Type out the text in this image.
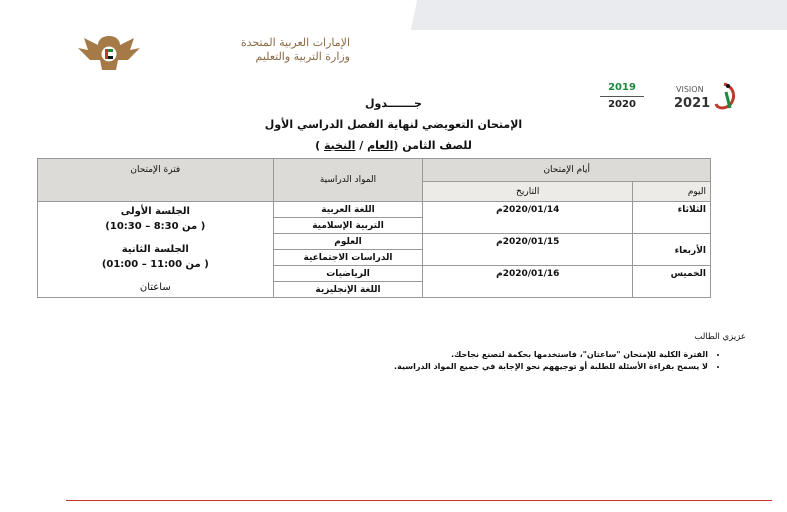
الإمارات العربية المتحدة
وزارة التربية والتعليم
2019
2020
VISION
2021
جـــــــدول
الإمتحان التعويضي لنهاية الفصل الدراسي الأول
للصف الثامن (العام / النخبة )
أيام الإمتحان		المواد الدراسية	فترة الإمتحان
اليوم	التاريخ		
الثلاثاء	2020/01/14م	اللغة العربية	الجلسة الأولى
( من 8:30 – 10:30)
الجلسة الثانية
( من 11:00 – 01:00)
ساعتان

		التربية الإسلامية	
الأربعاء	2020/01/15م	العلوم	
		الدراسات الاجتماعية	
الخميس	2020/01/16م	الرياضيات	
		اللغة الإنجليزية	
عزيزي الطالب
• الفترة الكلية للإمتحان "ساعتان"، فاستخدمها بحكمة لتصنع نجاحك.
• لا يسمح بقراءة الأسئلة للطلبة أو توجيههم نحو الإجابة في جميع المواد الدراسية.
